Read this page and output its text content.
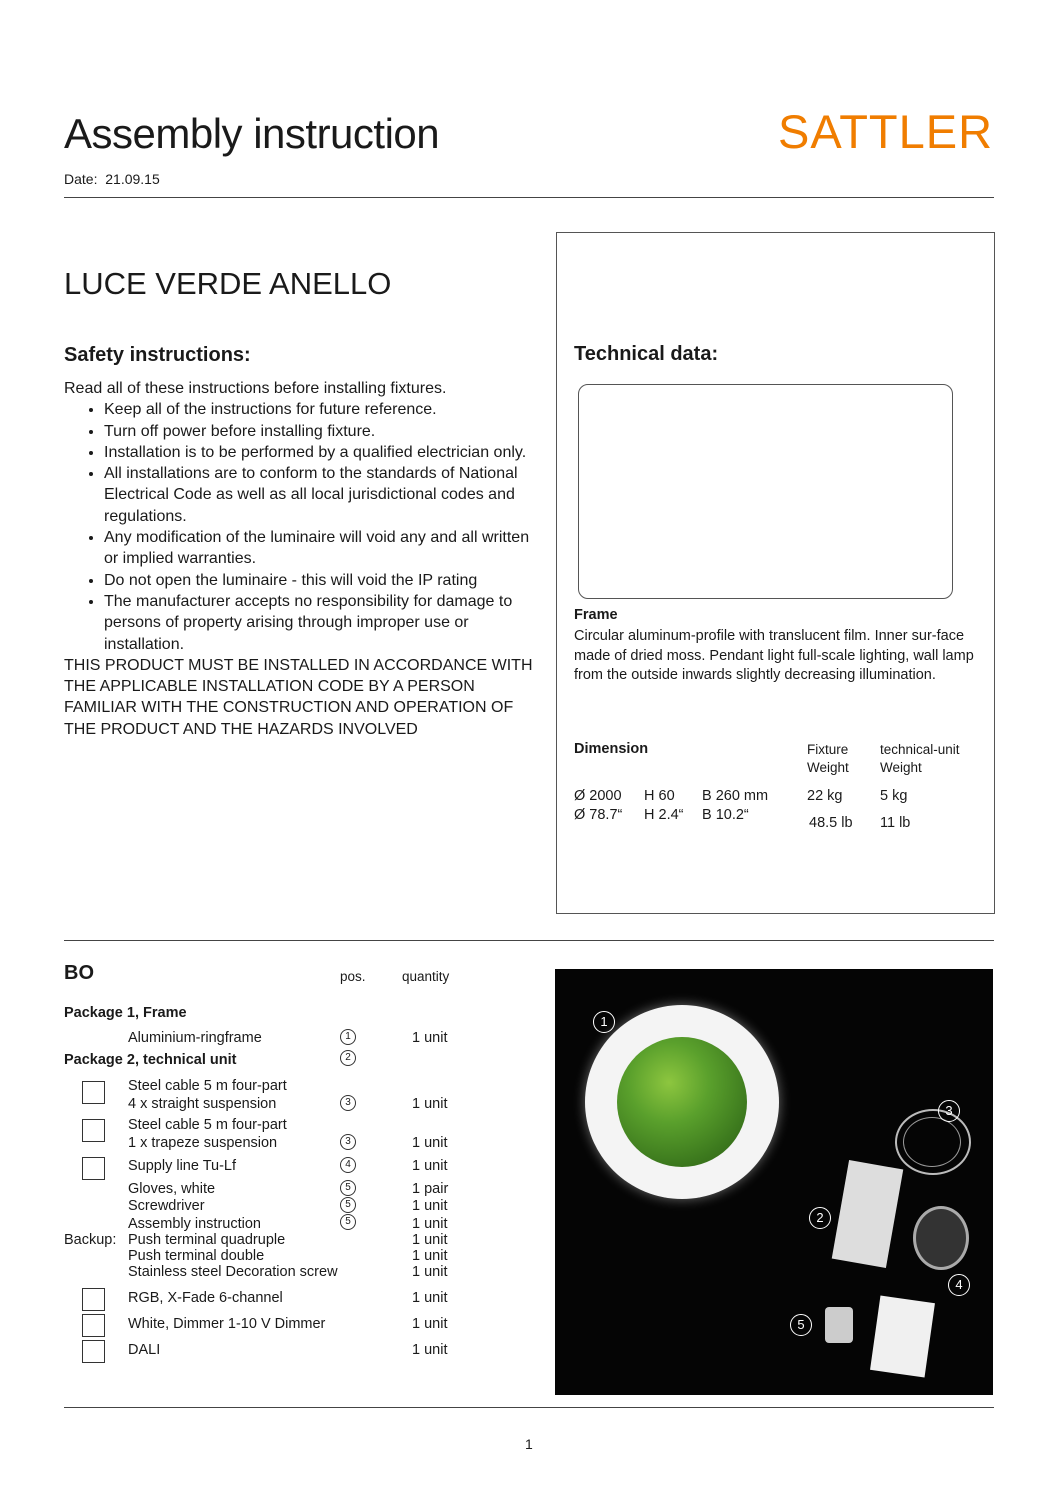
Assembly instruction	SATTLER
Date: 21.09.15
LUCE VERDE ANELLO
Safety instructions:
Read all of these instructions before installing fixtures.
• Keep all of the instructions for future reference.
• Turn off power before installing fixture.
• Installation is to be performed by a qualified electrician only.
• All installations are to conform to the standards of National Electrical Code as well as all local jurisdictional codes and regulations.
• Any modification of the luminaire will void any and all written or implied warranties.
• Do not open the luminaire - this will void the IP rating
• The manufacturer accepts no responsibility for damage to persons of property arising through improper use or installation.
THIS PRODUCT MUST BE INSTALLED IN ACCORDANCE WITH THE APPLICABLE INSTALLATION CODE BY A PERSON FAMILIAR WITH THE CONSTRUCTION AND OPERATION OF THE PRODUCT AND THE HAZARDS INVOLVED
Technical data:
Frame
Circular aluminum-profile with translucent film. Inner sur-face made of dried moss. Pendant light full-scale lighting, wall lamp from the outside inwards slightly decreasing illumination.
Dimension	Fixture
Weight
technical-unit
Weight
Ø 2000 H 60 B 260 mm	22 kg	5 kg
Ø 78.7“ H 2.4“ B 10.2“	48.5 lb 11 lb
BO	pos.	quantity
Package 1, Frame
Aluminium-ringframe	1	1 unit
Package 2, technical unit	2
Steel cable 5 m four-part
4 x straight suspension	3	1 unit
Steel cable 5 m four-part
1 x trapeze suspension	3	1 unit
Supply line Tu-Lf	4	1 unit
Gloves, white	5	1 pair
Screwdriver	5	1 unit
Assembly instruction	5	1 unit
Backup: Push terminal quadruple	1 unit
Push terminal double	1 unit
Stainless steel Decoration screw	1 unit
RGB, X-Fade 6-channel	1 unit
White, Dimmer 1-10 V Dimmer	1 unit
DALI	1 unit
1
2
3
4
5
1
